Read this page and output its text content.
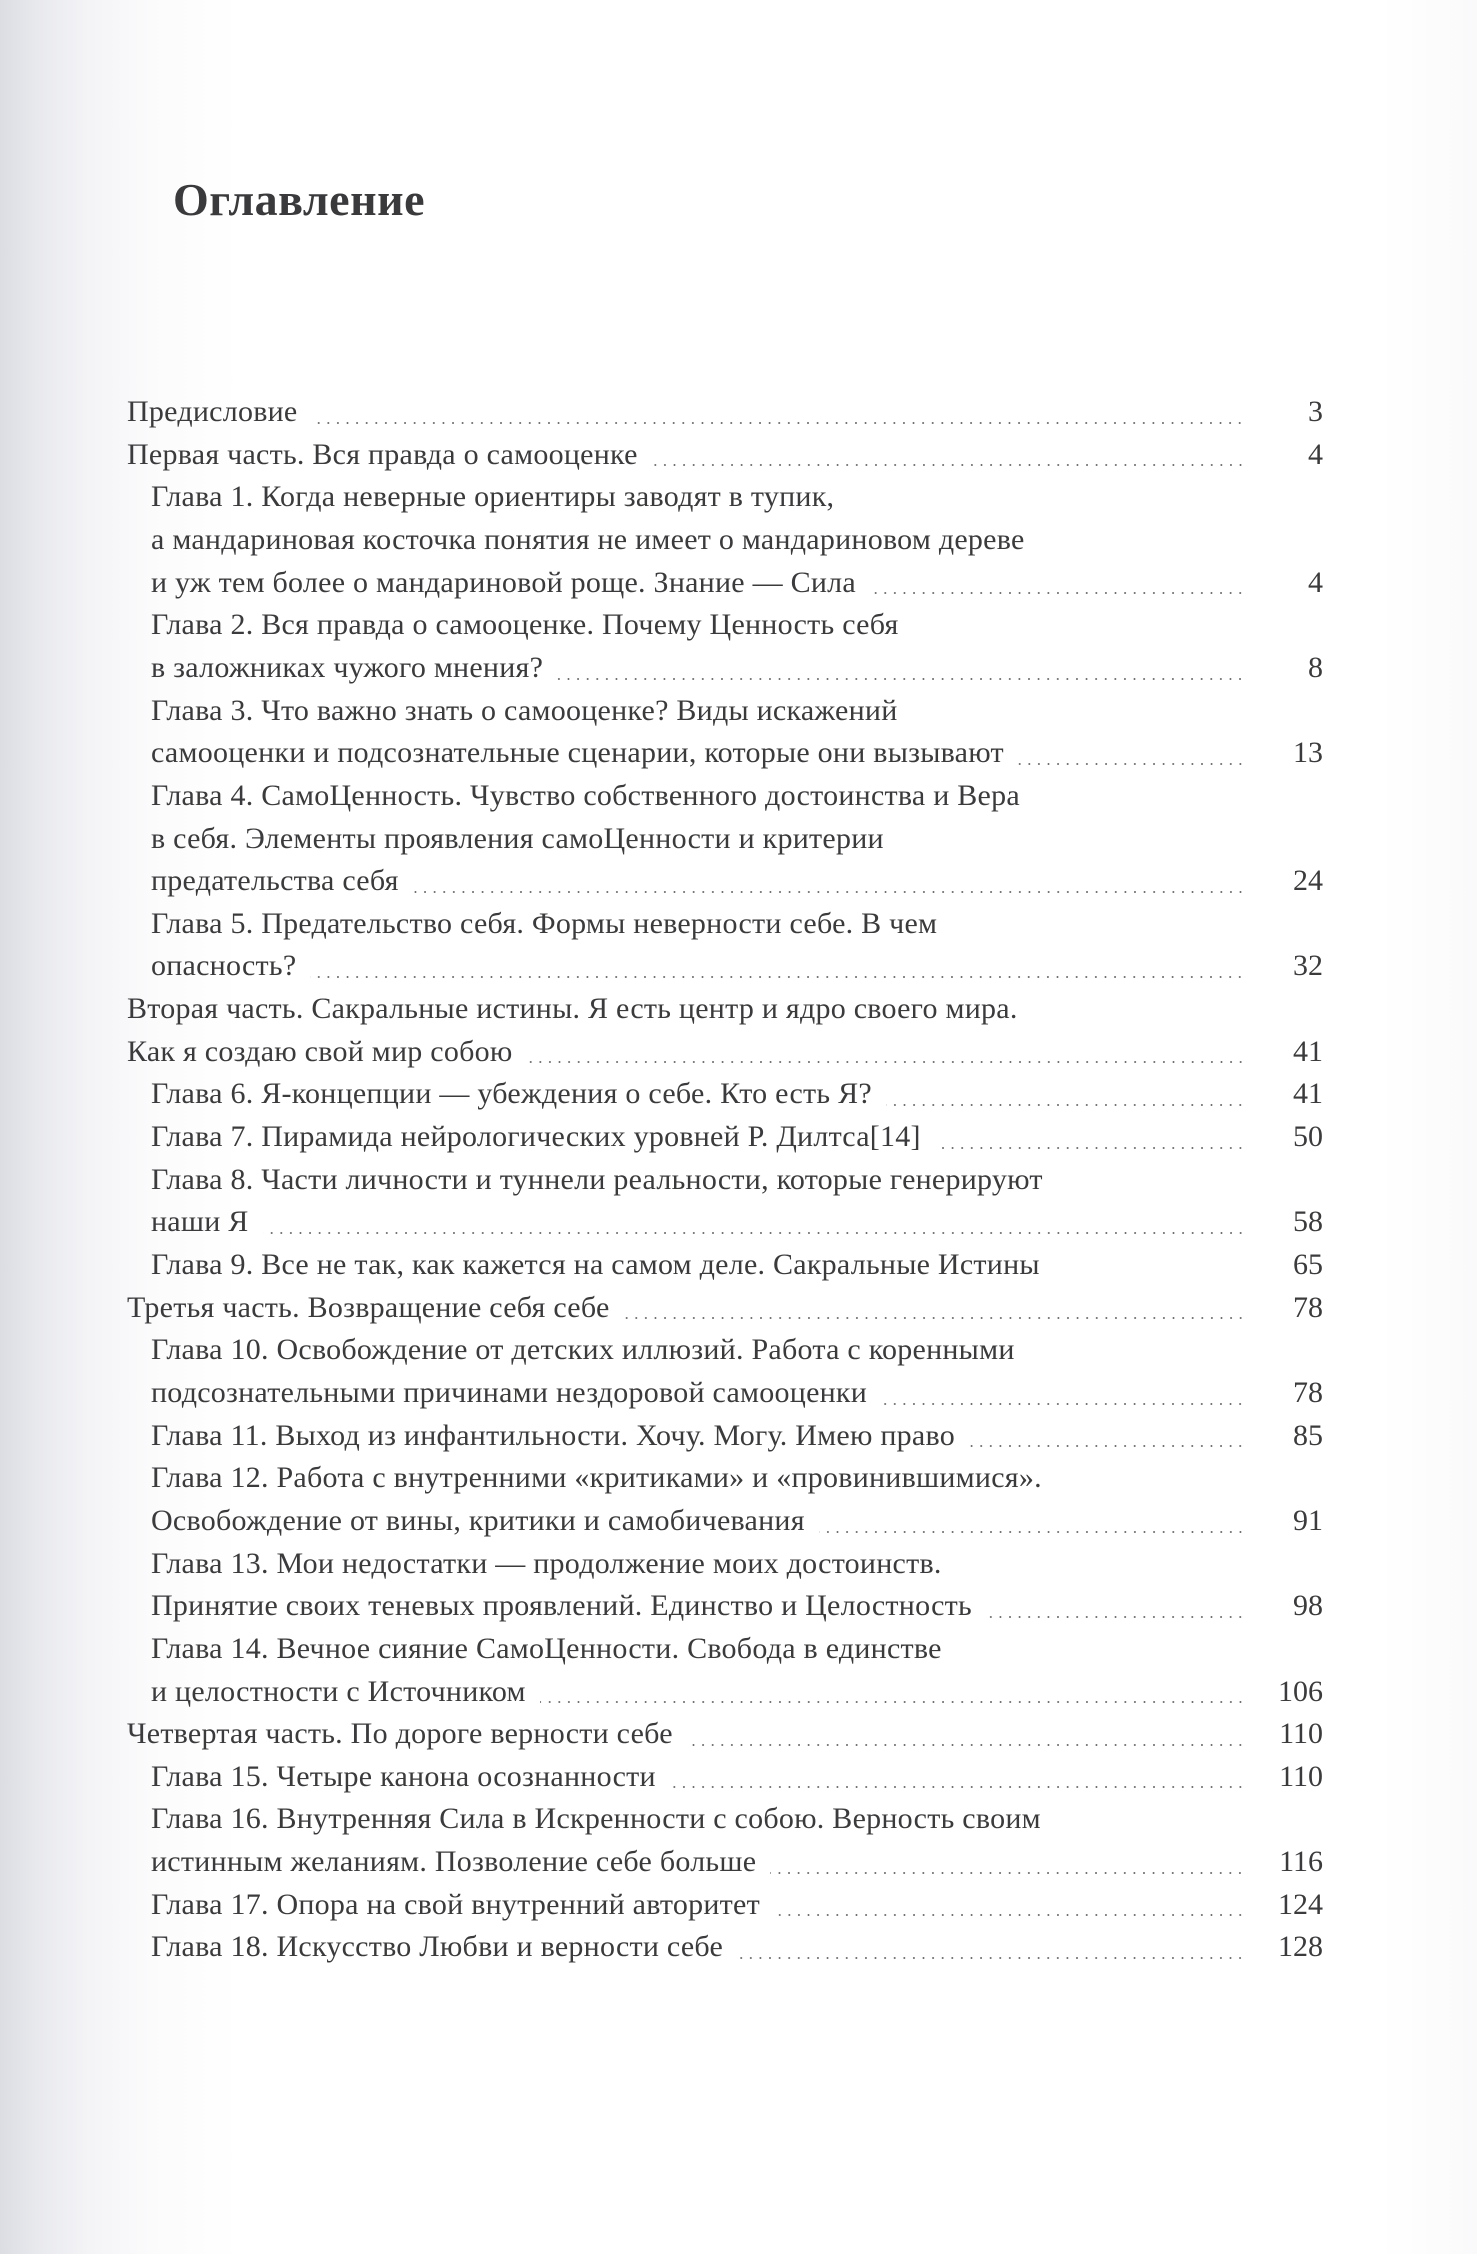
Оглавление
Предисловие	3
Первая часть. Вся правда о самооценке	4
Глава 1. Когда неверные ориентиры заводят в тупик,
а мандариновая косточка понятия не имеет о мандариновом дереве
и уж тем более о мандариновой роще. Знание — Сила	4
Глава 2. Вся правда о самооценке. Почему Ценность себя
в заложниках чужого мнения?	8
Глава 3. Что важно знать о самооценке? Виды искажений
самооценки и подсознательные сценарии, которые они вызывают	13
Глава 4. СамоЦенность. Чувство собственного достоинства и Вера
в себя. Элементы проявления самоЦенности и критерии
предательства себя	24
Глава 5. Предательство себя. Формы неверности себе. В чем
опасность?	32
Вторая часть. Сакральные истины. Я есть центр и ядро своего мира.
Как я создаю свой мир собою	41
Глава 6. Я-концепции — убеждения о себе. Кто есть Я?	41
Глава 7. Пирамида нейрологических уровней Р. Дилтса[14]	50
Глава 8. Части личности и туннели реальности, которые генерируют
наши Я	58
Глава 9. Все не так, как кажется на самом деле. Сакральные Истины	65
Третья часть. Возвращение себя себе	78
Глава 10. Освобождение от детских иллюзий. Работа с коренными
подсознательными причинами нездоровой самооценки	78
Глава 11. Выход из инфантильности. Хочу. Могу. Имею право	85
Глава 12. Работа с внутренними «критиками» и «провинившимися».
Освобождение от вины, критики и самобичевания	91
Глава 13. Мои недостатки — продолжение моих достоинств.
Принятие своих теневых проявлений. Единство и Целостность	98
Глава 14. Вечное сияние СамоЦенности. Свобода в единстве
и целостности с Источником	106
Четвертая часть. По дороге верности себе	110
Глава 15. Четыре канона осознанности	110
Глава 16. Внутренняя Сила в Искренности с собою. Верность своим
истинным желаниям. Позволение себе больше	116
Глава 17. Опора на свой внутренний авторитет	124
Глава 18. Искусство Любви и верности себе	128
